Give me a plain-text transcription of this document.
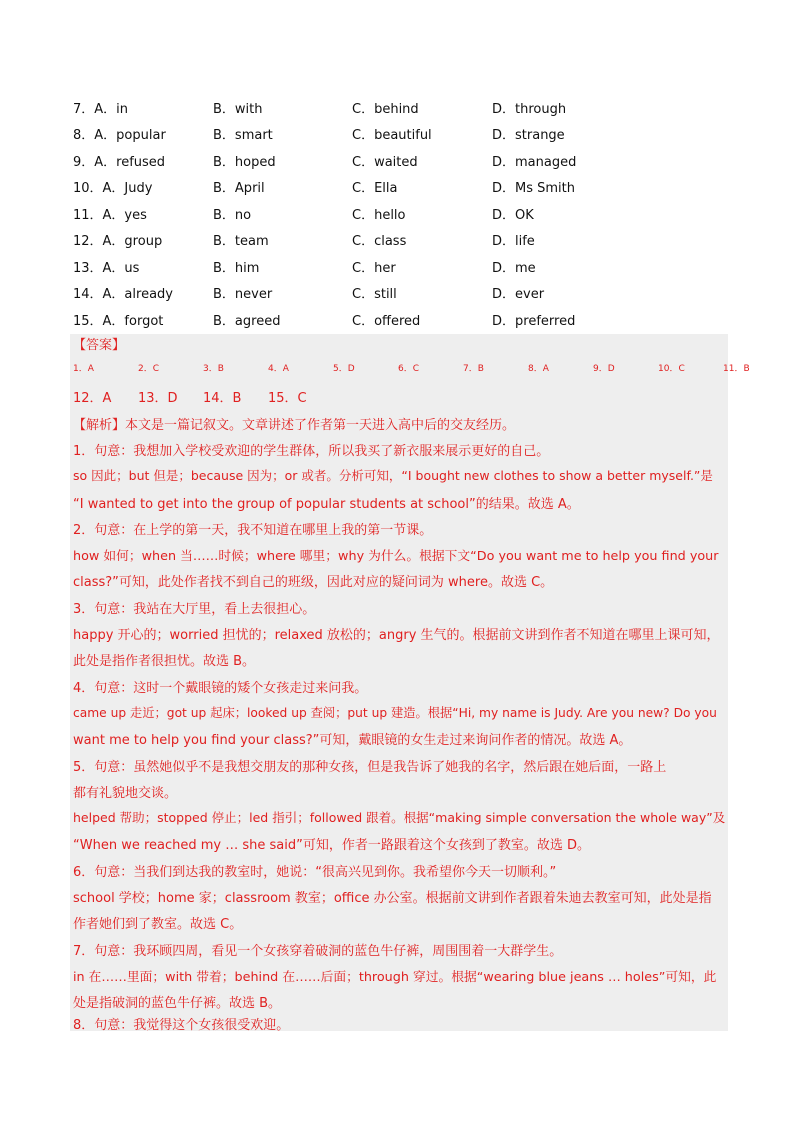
7．A．in	B．with	C．behind	D．through
8．A．popular	B．smart	C．beautiful	D．strange
9．A．refused	B．hoped	C．waited	D．managed
10．A．Judy	B．April	C．Ella	D．Ms Smith
11．A．yes	B．no	C．hello	D．OK
12．A．group	B．team	C．class	D．life
13．A．us	B．him	C．her	D．me
14．A．already	B．never	C．still	D．ever
15．A．forgot	B．agreed	C．offered	D．preferred
【答案】
1．A	2．C	3．B	4．A	5．D	6．C	7．B	8．A	9．D	10．C	11．B
12．A 13．D 14．B 15．C
【解析】本文是一篇记叙文。文章讲述了作者第一天进入高中后的交友经历。
1．句意：我想加入学校受欢迎的学生群体，所以我买了新衣服来展示更好的自己。
so 因此；but 但是；because 因为；or 或者。分析可知，“I bought new clothes to show a better myself.”是
“I wanted to get into the group of popular students at school”的结果。故选 A。
2．句意：在上学的第一天，我不知道在哪里上我的第一节课。
how 如何；when 当……时候；where 哪里；why 为什么。根据下文“Do you want me to help you find your
class?”可知，此处作者找不到自己的班级，因此对应的疑问词为 where。故选 C。
3．句意：我站在大厅里，看上去很担心。
happy 开心的；worried 担忧的；relaxed 放松的；angry 生气的。根据前文讲到作者不知道在哪里上课可知，
此处是指作者很担忧。故选 B。
4．句意：这时一个戴眼镜的矮个女孩走过来问我。
came up 走近；got up 起床；looked up 查阅；put up 建造。根据“Hi, my name is Judy. Are you new? Do you
want me to help you find your class?”可知，戴眼镜的女生走过来询问作者的情况。故选 A。
5．句意：虽然她似乎不是我想交朋友的那种女孩，但是我告诉了她我的名字，然后跟在她后面，一路上
都有礼貌地交谈。
helped 帮助；stopped 停止；led 指引；followed 跟着。根据“making simple conversation the whole way”及
“When we reached my … she said”可知，作者一路跟着这个女孩到了教室。故选 D。
6．句意：当我们到达我的教室时，她说：“很高兴见到你。我希望你今天一切顺利。”
school 学校；home 家；classroom 教室；office 办公室。根据前文讲到作者跟着朱迪去教室可知，此处是指
作者她们到了教室。故选 C。
7．句意：我环顾四周，看见一个女孩穿着破洞的蓝色牛仔裤，周围围着一大群学生。
in 在……里面；with 带着；behind 在……后面；through 穿过。根据“wearing blue jeans … holes”可知，此
处是指破洞的蓝色牛仔裤。故选 B。
8．句意：我觉得这个女孩很受欢迎。
